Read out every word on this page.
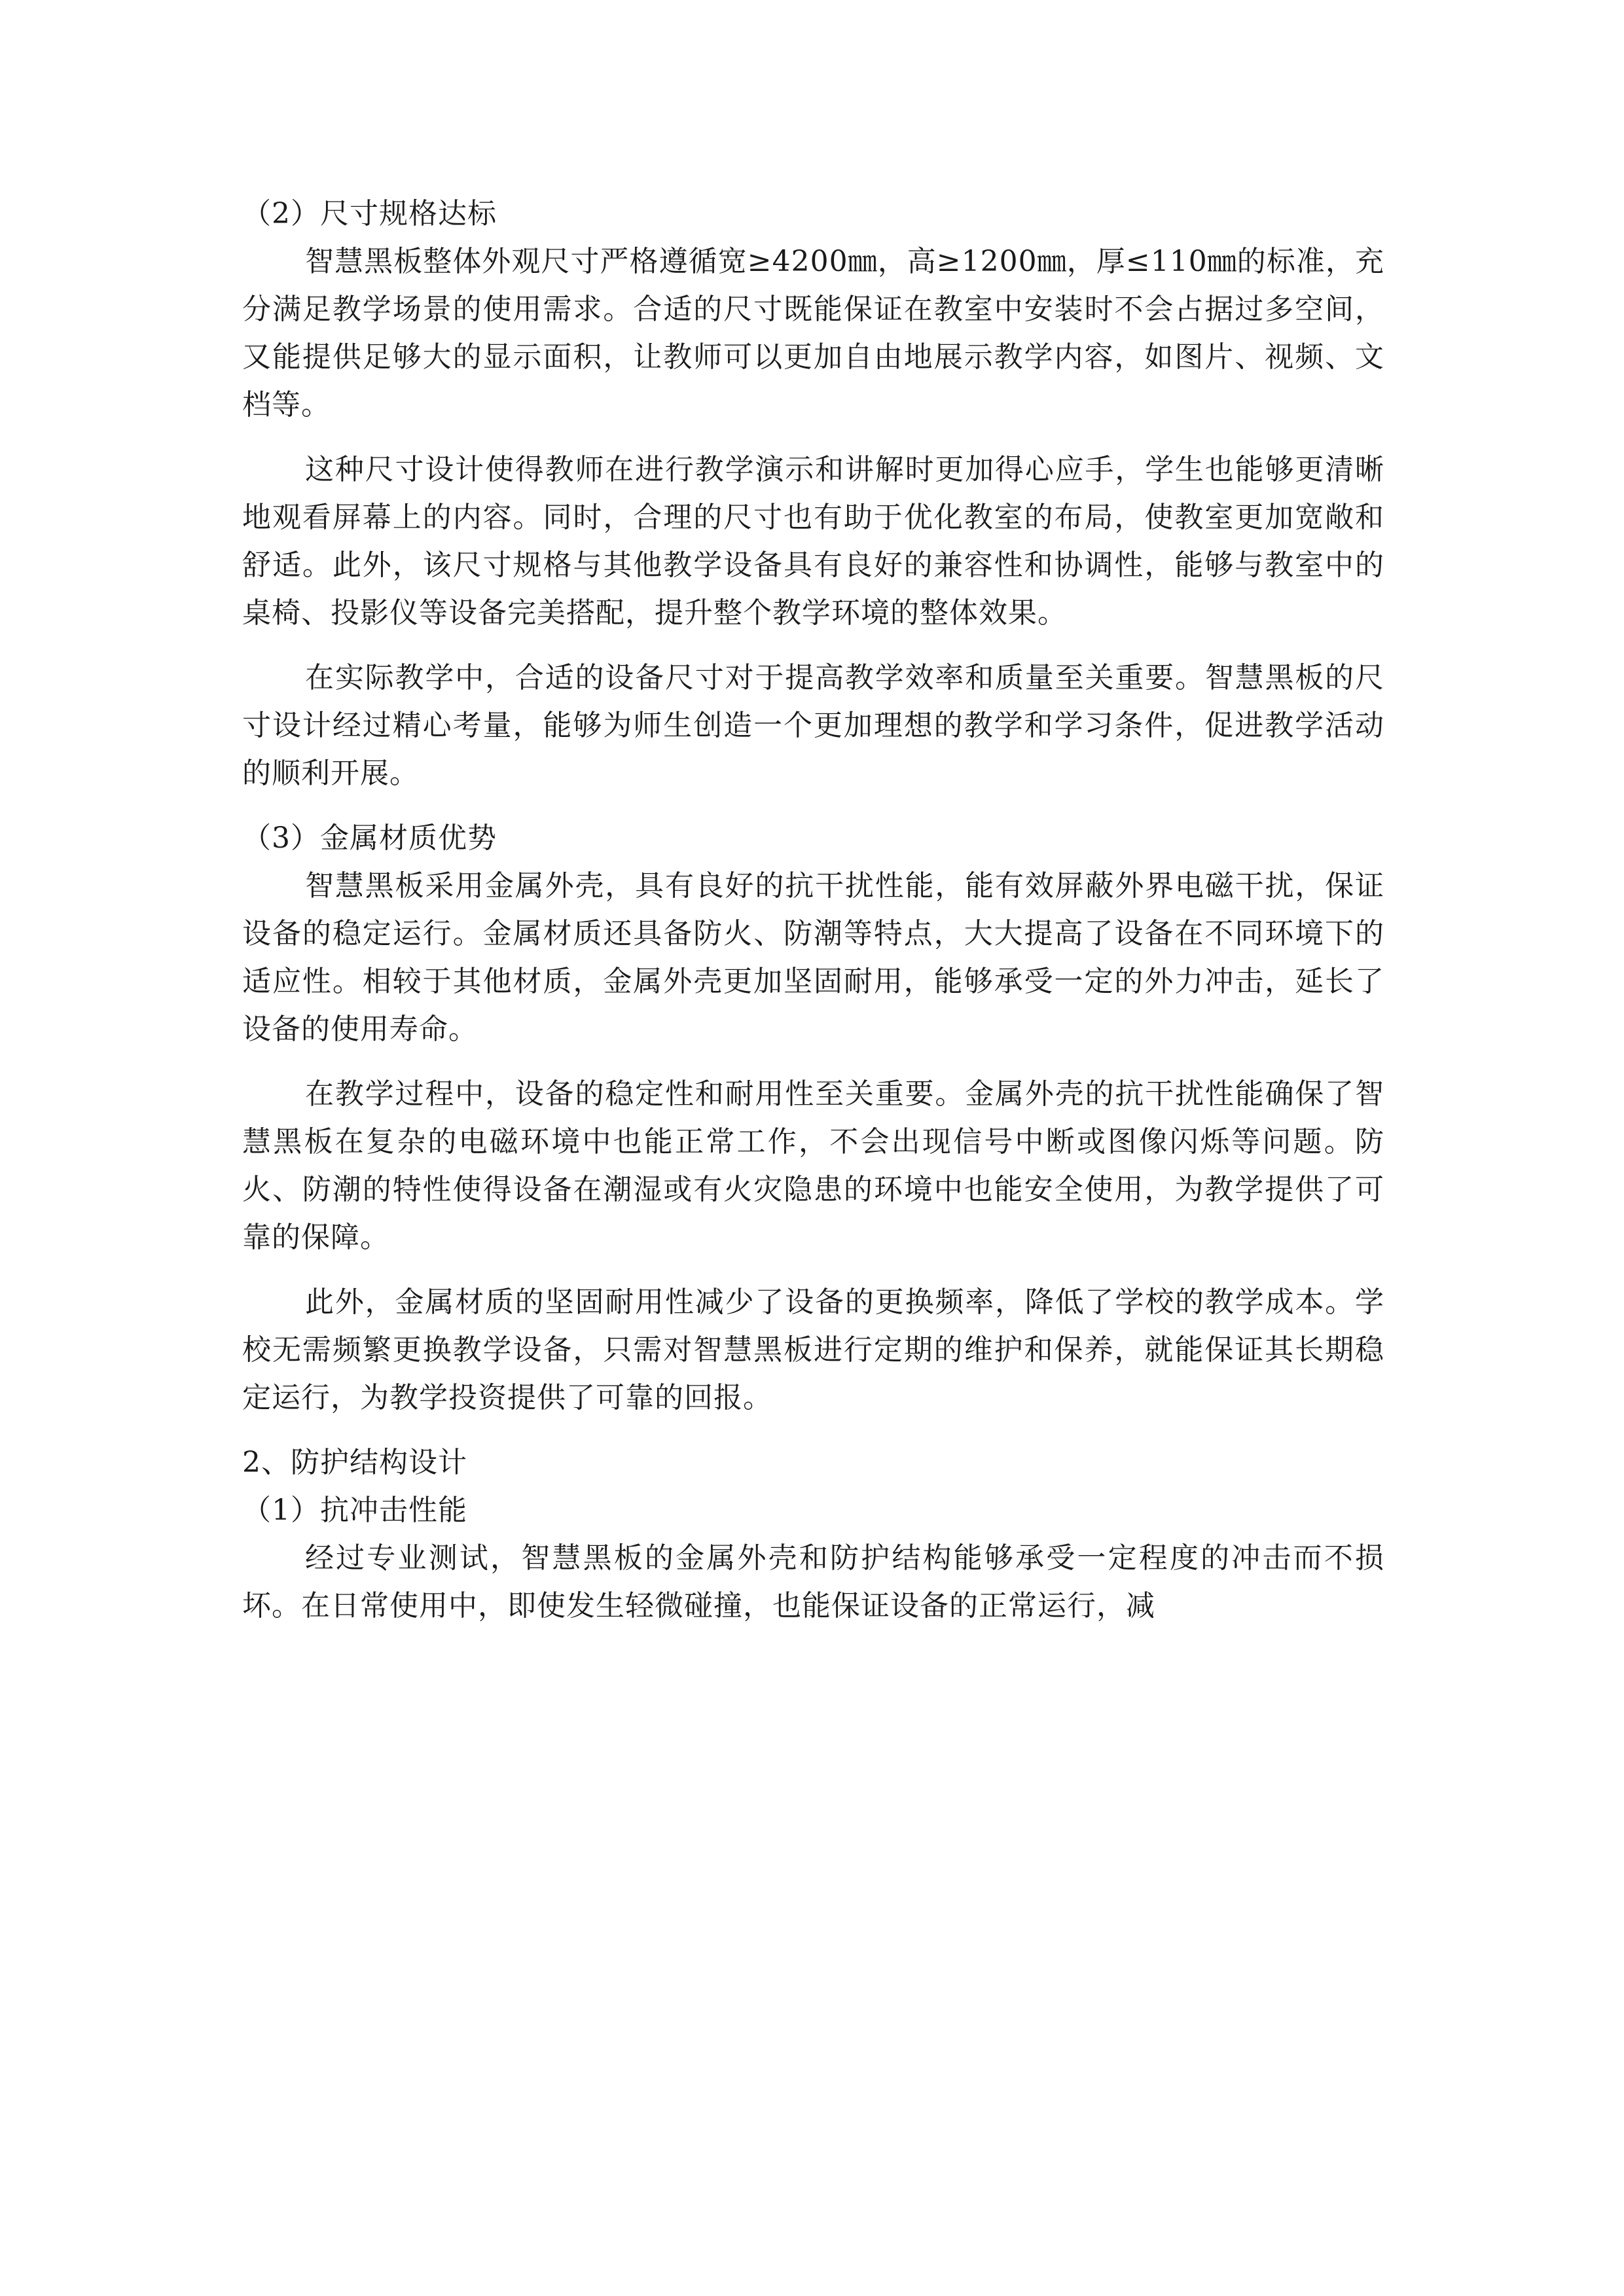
（2）尺寸规格达标

智慧黑板整体外观尺寸严格遵循宽≥4200㎜，高≥1200㎜，厚≤110㎜的标准，充分满足教学场景的使用需求。合适的尺寸既能保证在教室中安装时不会占据过多空间，又能提供足够大的显示面积，让教师可以更加自由地展示教学内容，如图片、视频、文档等。

这种尺寸设计使得教师在进行教学演示和讲解时更加得心应手，学生也能够更清晰地观看屏幕上的内容。同时，合理的尺寸也有助于优化教室的布局，使教室更加宽敞和舒适。此外，该尺寸规格与其他教学设备具有良好的兼容性和协调性，能够与教室中的桌椅、投影仪等设备完美搭配，提升整个教学环境的整体效果。

在实际教学中，合适的设备尺寸对于提高教学效率和质量至关重要。智慧黑板的尺寸设计经过精心考量，能够为师生创造一个更加理想的教学和学习条件，促进教学活动的顺利开展。

（3）金属材质优势

智慧黑板采用金属外壳，具有良好的抗干扰性能，能有效屏蔽外界电磁干扰，保证设备的稳定运行。金属材质还具备防火、防潮等特点，大大提高了设备在不同环境下的适应性。相较于其他材质，金属外壳更加坚固耐用，能够承受一定的外力冲击，延长了设备的使用寿命。

在教学过程中，设备的稳定性和耐用性至关重要。金属外壳的抗干扰性能确保了智慧黑板在复杂的电磁环境中也能正常工作，不会出现信号中断或图像闪烁等问题。防火、防潮的特性使得设备在潮湿或有火灾隐患的环境中也能安全使用，为教学提供了可靠的保障。

此外，金属材质的坚固耐用性减少了设备的更换频率，降低了学校的教学成本。学校无需频繁更换教学设备，只需对智慧黑板进行定期的维护和保养，就能保证其长期稳定运行，为教学投资提供了可靠的回报。

2、防护结构设计

（1）抗冲击性能

经过专业测试，智慧黑板的金属外壳和防护结构能够承受一定程度的冲击而不损坏。在日常使用中，即使发生轻微碰撞，也能保证设备的正常运行，减
